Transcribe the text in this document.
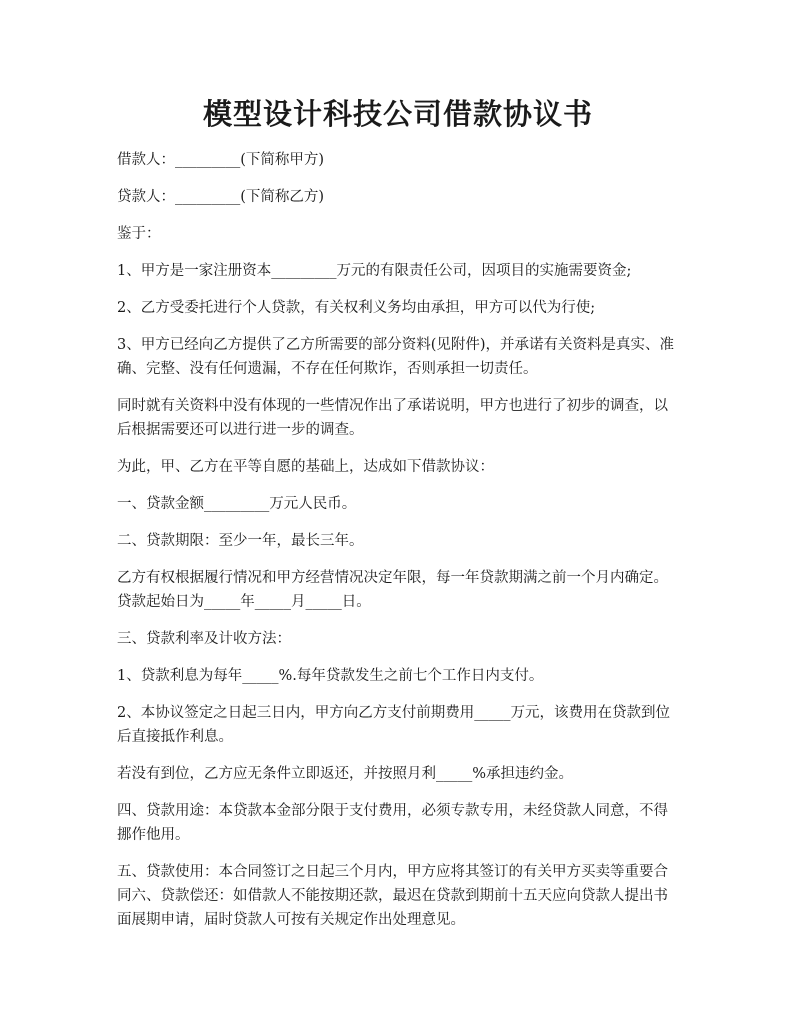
模型设计科技公司借款协议书

借款人：_________(下简称甲方)

贷款人：_________(下简称乙方)

鉴于：

1、甲方是一家注册资本_________万元的有限责任公司，因项目的实施需要资金;

2、乙方受委托进行个人贷款，有关权利义务均由承担，甲方可以代为行使;

3、甲方已经向乙方提供了乙方所需要的部分资料(见附件)，并承诺有关资料是真实、准确、完整、没有任何遗漏，不存在任何欺诈，否则承担一切责任。

同时就有关资料中没有体现的一些情况作出了承诺说明，甲方也进行了初步的调查，以后根据需要还可以进行进一步的调查。

为此，甲、乙方在平等自愿的基础上，达成如下借款协议：

一、贷款金额_________万元人民币。

二、贷款期限：至少一年，最长三年。

乙方有权根据履行情况和甲方经营情况决定年限，每一年贷款期满之前一个月内确定。贷款起始日为_____年_____月_____日。

三、贷款利率及计收方法：

1、贷款利息为每年_____%.每年贷款发生之前七个工作日内支付。

2、本协议签定之日起三日内，甲方向乙方支付前期费用_____万元，该费用在贷款到位后直接抵作利息。

若没有到位，乙方应无条件立即返还，并按照月利_____%承担违约金。

四、贷款用途：本贷款本金部分限于支付费用，必须专款专用，未经贷款人同意，不得挪作他用。

五、贷款使用：本合同签订之日起三个月内，甲方应将其签订的有关甲方买卖等重要合同六、贷款偿还：如借款人不能按期还款，最迟在贷款到期前十五天应向贷款人提出书面展期申请，届时贷款人可按有关规定作出处理意见。
